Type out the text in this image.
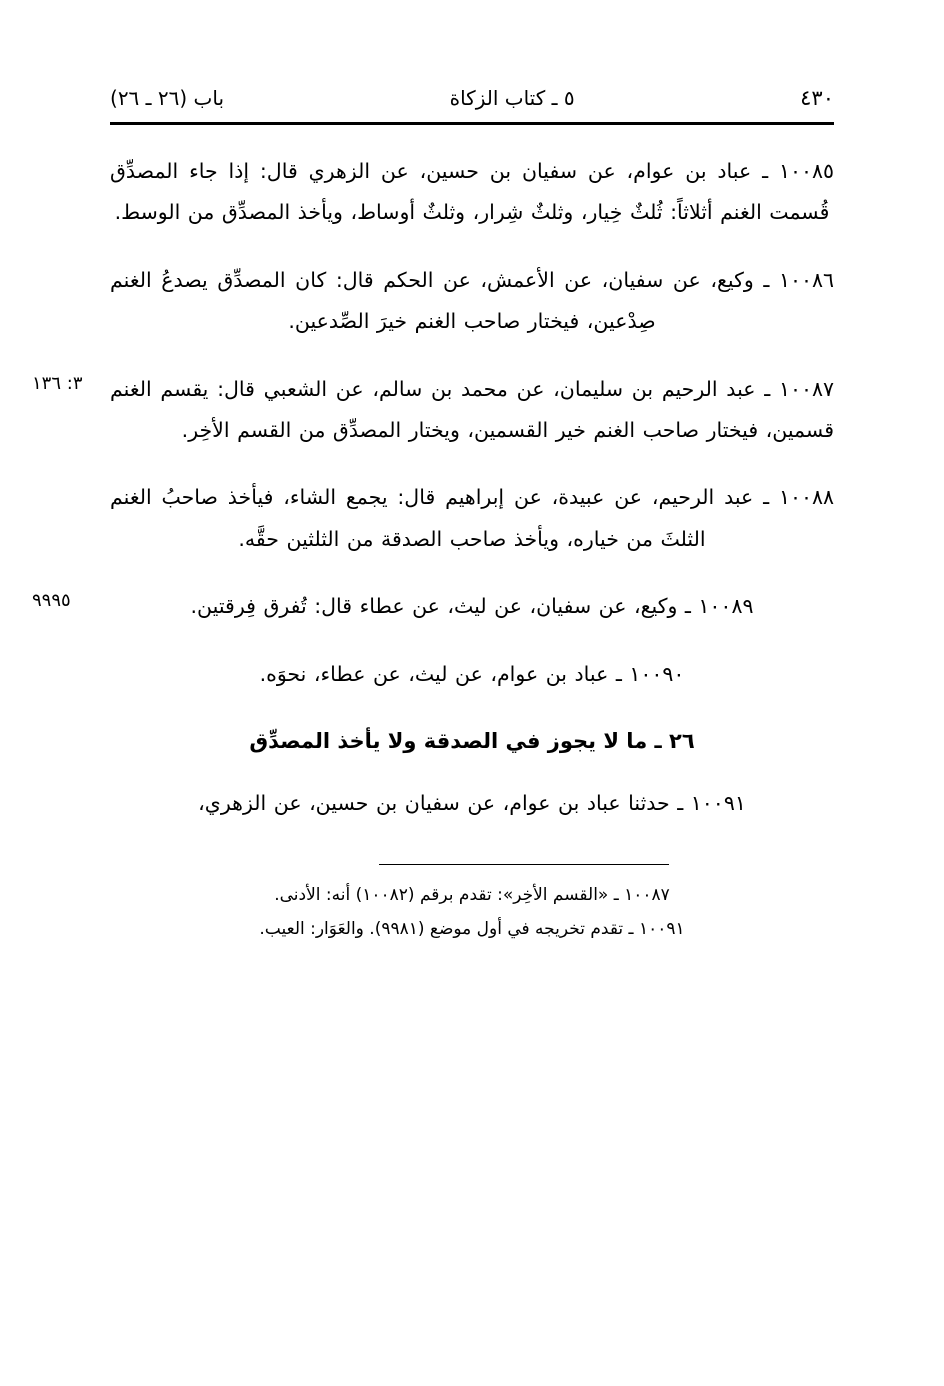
٤٣٠
٥ ـ كتاب الزكاة
باب (٢٦ ـ ٢٦)
١٠٠٨٥ ـ عباد بن عوام، عن سفيان بن حسين، عن الزهري قال: إذا جاء المصدِّق قُسمت الغنم أثلاثاً: ثُلثٌ خِيار، وثلثٌ شِرار، وثلثٌ أوساط، ويأخذ المصدِّق من الوسط.
١٠٠٨٦ ـ وكيع، عن سفيان، عن الأعمش، عن الحكم قال: كان المصدِّق يصدعُ الغنم صِدْعين، فيختار صاحب الغنم خيرَ الصِّدعين.
٣: ١٣٦	١٠٠٨٧ ـ عبد الرحيم بن سليمان، عن محمد بن سالم، عن الشعبي قال: يقسم الغنم قسمين، فيختار صاحب الغنم خير القسمين، ويختار المصدِّق من القسم الأخِر.
١٠٠٨٨ ـ عبد الرحيم، عن عبيدة، عن إبراهيم قال: يجمع الشاء، فيأخذ صاحبُ الغنم الثلثَ من خياره، ويأخذ صاحب الصدقة من الثلثين حقَّه.
٩٩٩٥	١٠٠٨٩ ـ وكيع، عن سفيان، عن ليث، عن عطاء قال: تُفرق فِرقتين.
١٠٠٩٠ ـ عباد بن عوام، عن ليث، عن عطاء، نحوَه.
٢٦ ـ ما لا يجوز في الصدقة ولا يأخذ المصدِّق
١٠٠٩١ ـ حدثنا عباد بن عوام، عن سفيان بن حسين، عن الزهري،
١٠٠٨٧ ـ «القسم الأخِر»: تقدم برقم (١٠٠٨٢) أنه: الأدنى.
١٠٠٩١ ـ تقدم تخريجه في أول موضع (٩٩٨١). والعَوَار: العيب.
